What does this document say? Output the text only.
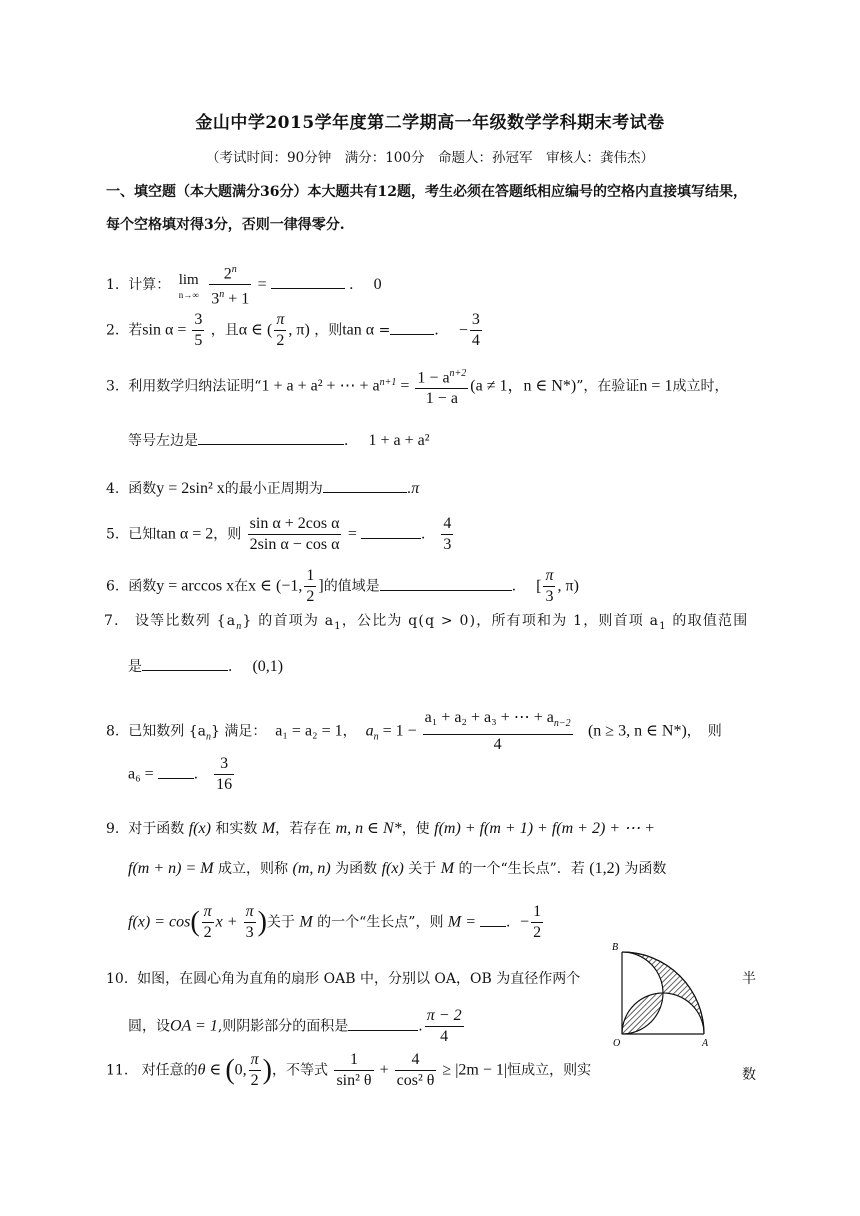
金山中学2015学年度第二学期高一年级数学学科期末考试卷
（考试时间：90分钟　满分：100分　命题人：孙冠军　审核人：龚伟杰）
一、填空题（本大题满分36分）本大题共有12题，考生必须在答题纸相应编号的空格内直接填写结果，每个空格填对得3分，否则一律得零分.
1. 计算： lim
n→∞
$\frac{2^n}{3^n + 1}$ =	． 0
2. 若$\sin \alpha = \frac{3}{5}$ ，且α ∈ ( $\frac{\pi}{2}$ , π) ，则tan α =	． − $\frac{3}{4}$
3. 利用数学归纳法证明“1 + a + a² + ⋯ + $a^{n+1} = \frac{1 - a^{n+2}}{1 - a} (a \ne 1$，n ∈ N*)”，在验证n = 1成立时，
等号左边是	． 1 + a + a²
4. 函数y = 2sin² x的最小正周期为	.π
5. 已知tan α = 2，则 $\frac{\text{sin α + 2cos α}}{\text{2sin α − cos α}}$ =	． $\frac{4}{3}$
6. 函数y = arccos x在x ∈ (−1, $\frac{1}{2}$ ]的值域是	． [ $\frac{\pi}{3}$ , π)
7． 设等比数列 $\{a_n\}$ 的首项为 $a_1$，公比为 q(q > 0)，所有项和为 1，则首项 $a_1$ 的取值范围
是	． (0,1)
8. 已知数列 $\{a_n\}$ 满足： a₁ = a₂ = 1， $a_n = 1 - \frac{a_1 + a_2 + a_3 + \cdots + a_{n-2}}{4} (n \ge 3$, n ∈ N*)，　则
a₆ =	． $\frac{3}{16}$
9. 对于函数 f(x) 和实数 M，若存在 m, n ∈ N*，使 f(m) + f(m + 1) + f(m + 2) + ⋯ +
f(m + n) = M 成立，则称 (m, n) 为函数 f(x) 关于 M 的一个“生长点”．若 (1,2) 为函数
$f(x) = \cos( \frac{\pi}{2}$ $x + \frac{\pi}{3}$ )关于 M 的一个“生长点”，则 M = ．− $\frac{1}{2}$
10. 如图，在圆心角为直角的扇形 OAB 中，分别以 OA，OB 为直径作两个	半
圆，设OA = 1,则阴影部分的面积是	. $\frac{\pi - 2}{4}$
B
O	A
11. 对任意的θ ∈ (0, $\frac{\pi}{2}$ )，不等式 $\frac{1}{\text{sin² θ}} + \frac{4}{\text{cos² θ}} \ge |2m - 1|$恒成立，则实	数
